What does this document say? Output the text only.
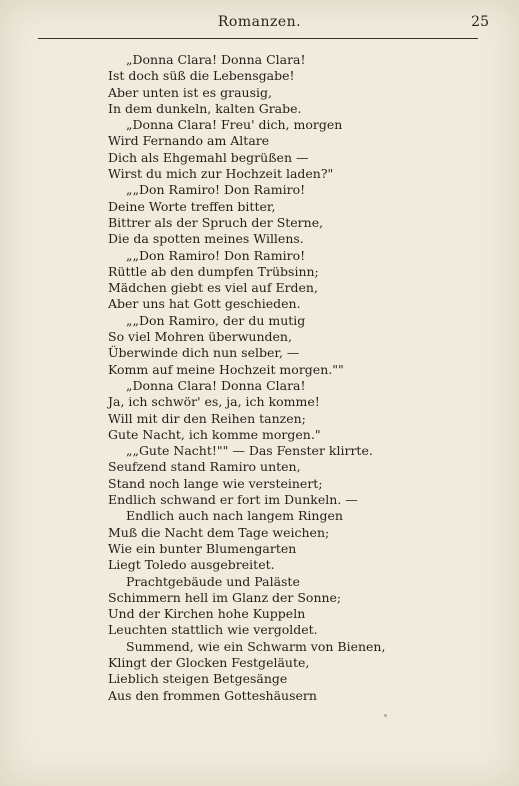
Romanzen.	25
„Donna Clara! Donna Clara!
Ist doch süß die Lebensgabe!
Aber unten ist es grausig,
In dem dunkeln, kalten Grabe.
„Donna Clara! Freu' dich, morgen
Wird Fernando am Altare
Dich als Ehgemahl begrüßen —
Wirst du mich zur Hochzeit laden?"
„„Don Ramiro! Don Ramiro!
Deine Worte treffen bitter,
Bittrer als der Spruch der Sterne,
Die da spotten meines Willens.
„„Don Ramiro! Don Ramiro!
Rüttle ab den dumpfen Trübsinn;
Mädchen giebt es viel auf Erden,
Aber uns hat Gott geschieden.
„„Don Ramiro, der du mutig
So viel Mohren überwunden,
Überwinde dich nun selber, —
Komm auf meine Hochzeit morgen.""
„Donna Clara! Donna Clara!
Ja, ich schwör' es, ja, ich komme!
Will mit dir den Reihen tanzen;
Gute Nacht, ich komme morgen."
„„Gute Nacht!"" — Das Fenster klirrte.
Seufzend stand Ramiro unten,
Stand noch lange wie versteinert;
Endlich schwand er fort im Dunkeln. —
Endlich auch nach langem Ringen
Muß die Nacht dem Tage weichen;
Wie ein bunter Blumengarten
Liegt Toledo ausgebreitet.
Prachtgebäude und Paläste
Schimmern hell im Glanz der Sonne;
Und der Kirchen hohe Kuppeln
Leuchten stattlich wie vergoldet.
Summend, wie ein Schwarm von Bienen,
Klingt der Glocken Festgeläute,
Lieblich steigen Betgesänge
Aus den frommen Gotteshäusern
